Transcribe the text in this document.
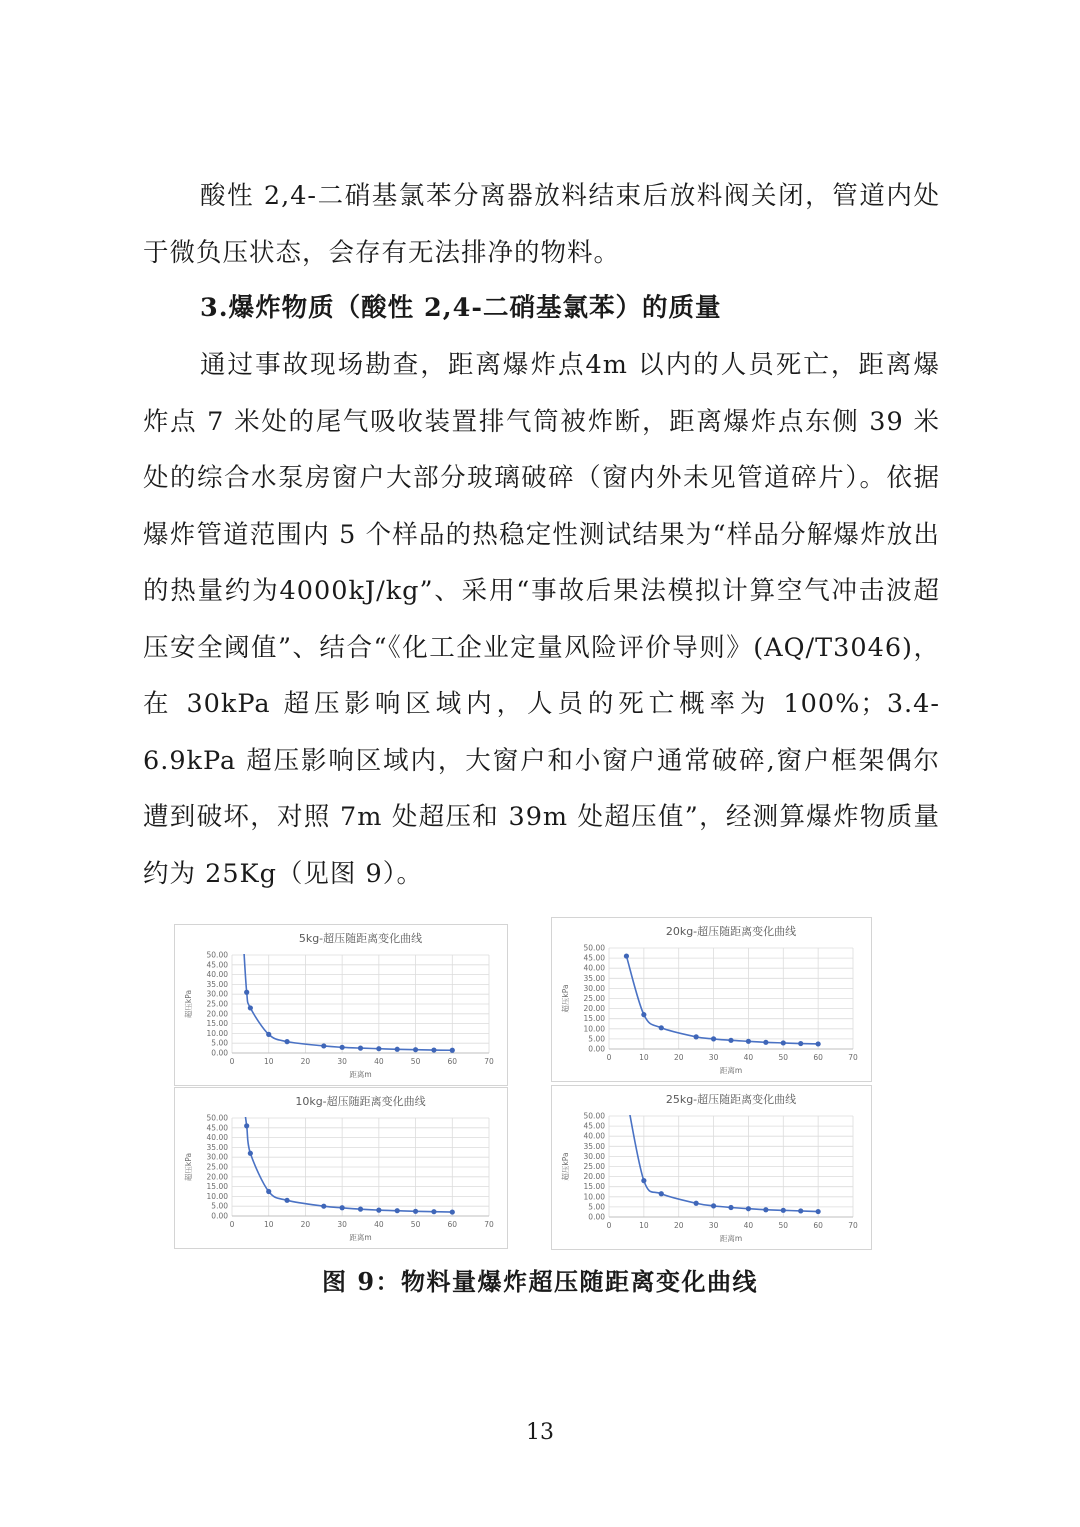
酸性 2,4-二硝基氯苯分离器放料结束后放料阀关闭，管道内处于微负压状态，会存有无法排净的物料。

3.爆炸物质（酸性 2,4-二硝基氯苯）的质量

通过事故现场勘查，距离爆炸点4m 以内的人员死亡，距离爆炸点 7 米处的尾气吸收装置排气筒被炸断，距离爆炸点东侧 39 米处的综合水泵房窗户大部分玻璃破碎（窗内外未见管道碎片）。依据爆炸管道范围内 5 个样品的热稳定性测试结果为“样品分解爆炸放出的热量约为4000kJ/kg”、采用“事故后果法模拟计算空气冲击波超压安全阈值”、结合“《化工企业定量风险评价导则》(AQ/T3046)，在 30kPa 超压影响区域内，人员的死亡概率为 100%；3.4-6.9kPa 超压影响区域内，大窗户和小窗户通常破碎,窗户框架偶尔遭到破坏，对照 7m 处超压和 39m 处超压值”，经测算爆炸物质量约为 25Kg（见图 9）。

5kg-超压随距离变化曲线
0.00
5.00
10.00
15.00
20.00
25.00
30.00
35.00
40.00
45.00
50.00
0	10	20	30	40	50	60	70
距离m
超压kPa
20kg-超压随距离变化曲线
0.00
5.00
10.00
15.00
20.00
25.00
30.00
35.00
40.00
45.00
50.00
0	10	20	30	40	50	60	70
距离m
超压kPa
10kg-超压随距离变化曲线
0.00
5.00
10.00
15.00
20.00
25.00
30.00
35.00
40.00
45.00
50.00
0	10	20	30	40	50	60	70
距离m
超压kPa
25kg-超压随距离变化曲线
0.00
5.00
10.00
15.00
20.00
25.00
30.00
35.00
40.00
45.00
50.00
0	10	20	30	40	50	60	70
距离m
超压kPa

图 9：物料量爆炸超压随距离变化曲线

13
